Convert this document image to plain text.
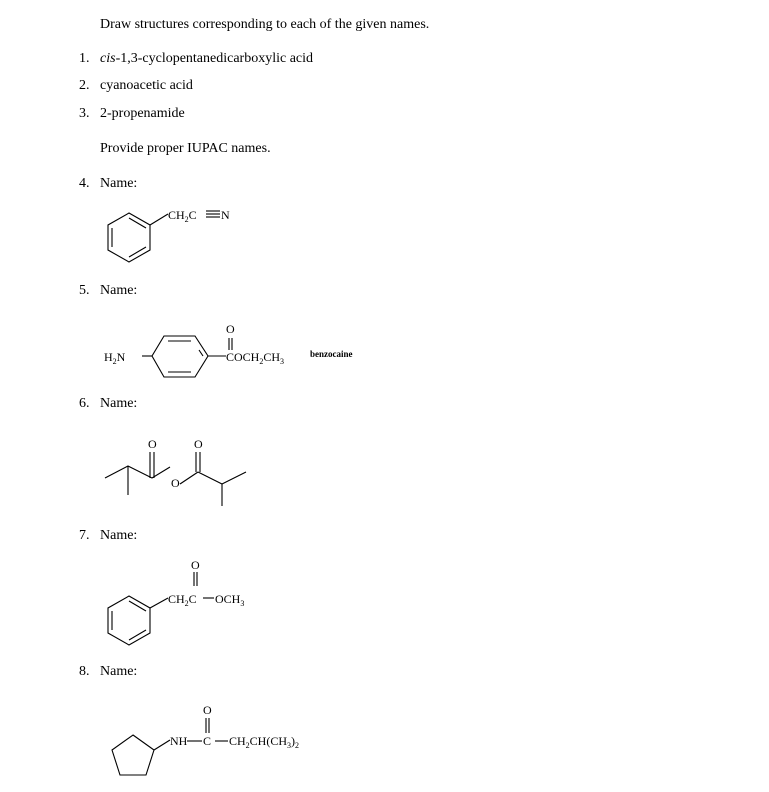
Draw structures corresponding to each of the given names.
1. cis-1,3-cyclopentanedicarboxylic acid
2. cyanoacetic acid
3. 2-propenamide
Provide proper IUPAC names.
4. Name:
$CH_2C$ N
5. Name:
$H_2N$
O
$COCH_2CH_3$
benzocaine
6. Name:
O
O
O
7. Name:
O
$CH_2C$ $OCH_3$
8. Name:
O
NH C $CH_2CH(CH_3)_2$
